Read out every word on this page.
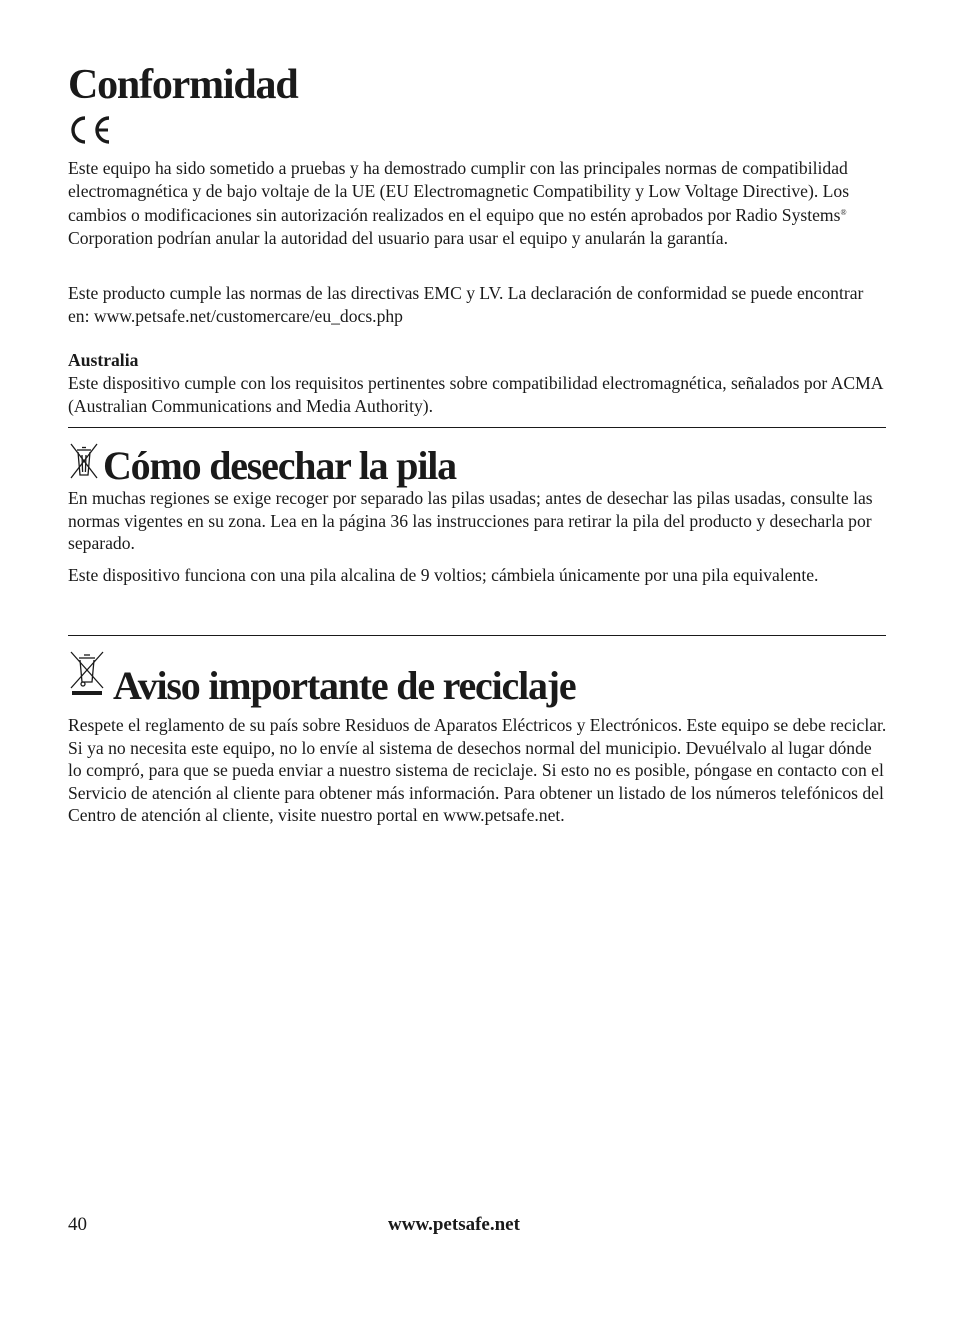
Conformidad

Este equipo ha sido sometido a pruebas y ha demostrado cumplir con las principales normas de compatibilidad electromagnética y de bajo voltaje de la UE (EU Electromagnetic Compatibility y Low Voltage Directive). Los cambios o modificaciones sin autorización realizados en el equipo que no estén aprobados por Radio Systems® Corporation podrían anular la autoridad del usuario para usar el equipo y anularán la garantía.

Este producto cumple las normas de las directivas EMC y LV. La declaración de conformidad se puede encontrar en: www.petsafe.net/customercare/eu_docs.php

Australia

Este dispositivo cumple con los requisitos pertinentes sobre compatibilidad electromagnética, señalados por ACMA (Australian Communications and Media Authority).

Cómo desechar la pila

En muchas regiones se exige recoger por separado las pilas usadas; antes de desechar las pilas usadas, consulte las normas vigentes en su zona. Lea en la página 36 las instrucciones para retirar la pila del producto y desecharla por separado.

Este dispositivo funciona con una pila alcalina de 9 voltios; cámbiela únicamente por una pila equivalente.

Aviso importante de reciclaje

Respete el reglamento de su país sobre Residuos de Aparatos Eléctricos y Electrónicos. Este equipo se debe reciclar. Si ya no necesita este equipo, no lo envíe al sistema de desechos normal del municipio. Devuélvalo al lugar dónde lo compró, para que se pueda enviar a nuestro sistema de reciclaje. Si esto no es posible, póngase en contacto con el Servicio de atención al cliente para obtener más información. Para obtener un listado de los números telefónicos del Centro de atención al cliente, visite nuestro portal en www.petsafe.net.

40	www.petsafe.net
